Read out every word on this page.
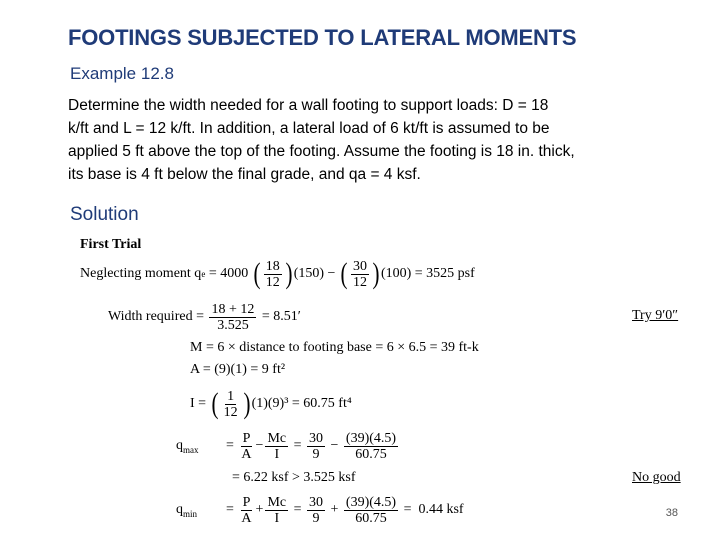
FOOTINGS SUBJECTED TO LATERAL MOMENTS
Example 12.8
Determine the width needed for a wall footing to support loads: D = 18
k/ft and L = 12 k/ft. In addition, a lateral load of 6 kt/ft is assumed to be
applied 5 ft above the top of the footing. Assume the footing is 18 in. thick,
its base is 4 ft below the final grade, and qa = 4 ksf.
Solution
First Trial
Neglecting moment q e
= 4000
( $\frac{18}{12}$ ) (150)
−
( $\frac{30}{12}$ ) (100) = 3525 psf
Width required =
$\frac{18 + 12}{3.525}$
= 8.51′	Try 9′0″
M = 6 × distance to footing base = 6 × 6.5 = 39 ft-k
A = (9)(1) = 9 ft²
I =
( $\frac{1}{12}$ ) (1)(9)³ = 60.75 ft⁴
$q_{max}$	=
$\frac{P}{A} - \frac{Mc}{I}$
=
$\frac{30}{9}$
−
$\frac{(39)(4.5)}{60.75}$
= 6.22 ksf > 3.525 ksf	No good
$q_{min}$	=
$\frac{P}{A} + \frac{Mc}{I}$
=
$\frac{30}{9}$
+
$\frac{(39)(4.5)}{60.75}$
=
0.44 ksf	38
